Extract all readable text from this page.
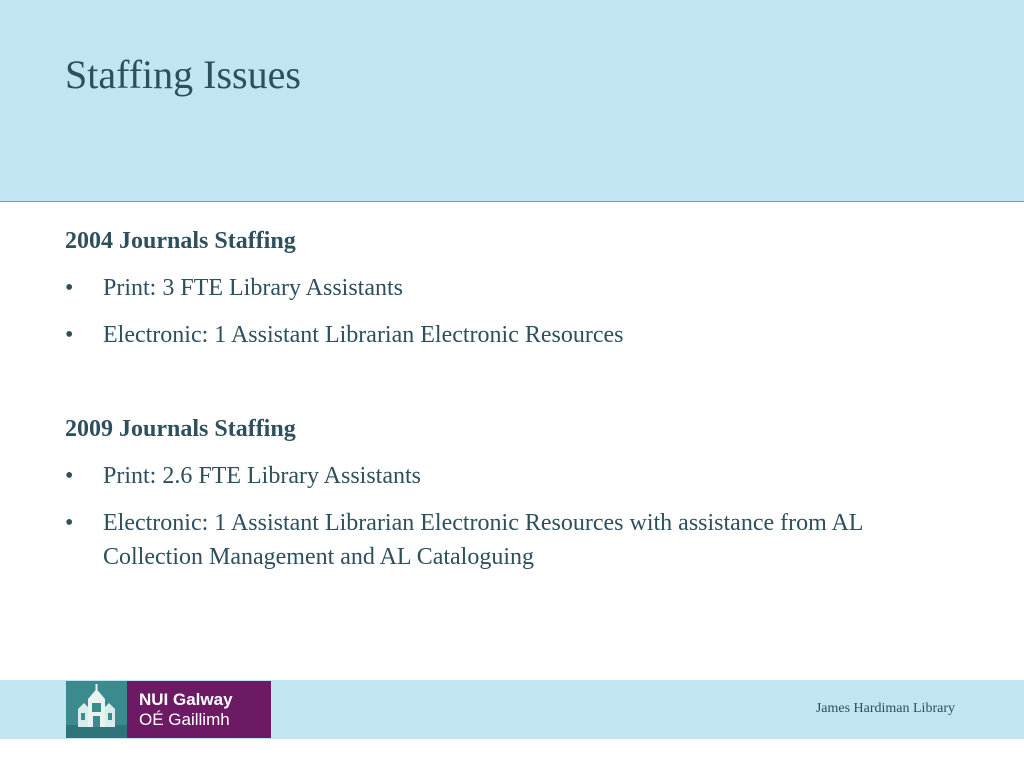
Staffing Issues

2004 Journals Staffing

• Print: 3 FTE Library Assistants
• Electronic: 1 Assistant Librarian Electronic Resources

2009 Journals Staffing

• Print: 2.6 FTE Library Assistants
• Electronic: 1 Assistant Librarian Electronic Resources with assistance from AL Collection Management and AL Cataloguing
NUI Galway
OÉ Gaillimh
James Hardiman Library
